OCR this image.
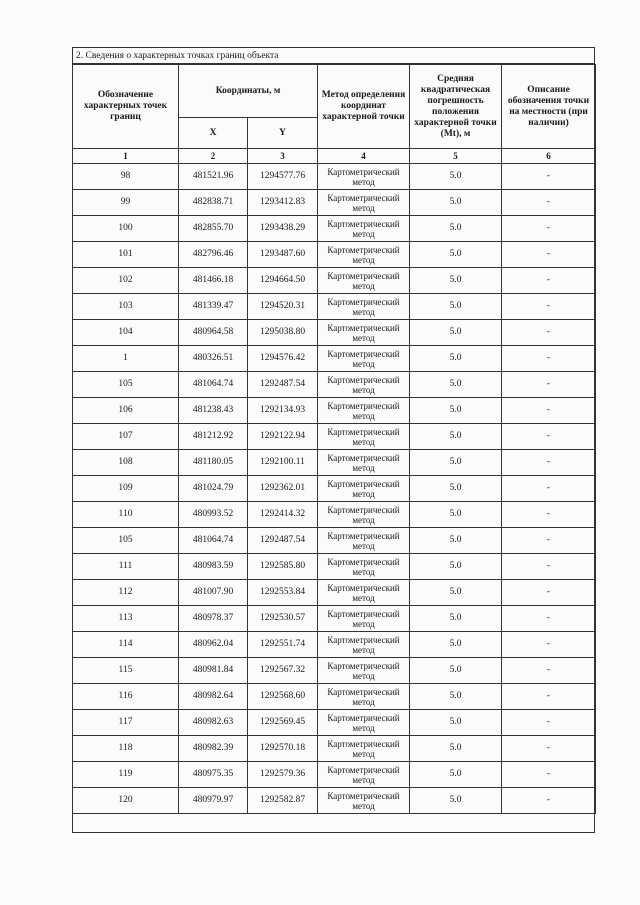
2. Сведения о характерных точках границ объекта
Обозначение характерных точек границ	Координаты, м		Метод определения координат характерной точки	Средняя квадратическая погрешность положения характерной точки (Mt), м	Описание обозначения точки на местности (при наличии)
	X	Y			
1	2	3	4	5	6
98	481521.96	1294577.76	Картометрический метод	5.0	-
99	482838.71	1293412.83	Картометрический метод	5.0	-
100	482855.70	1293438.29	Картометрический метод	5.0	-
101	482796.46	1293487.60	Картометрический метод	5.0	-
102	481466.18	1294664.50	Картометрический метод	5.0	-
103	481339.47	1294520.31	Картометрический метод	5.0	-
104	480964.58	1295038.80	Картометрический метод	5.0	-
1	480326.51	1294576.42	Картометрический метод	5.0	-
105	481064.74	1292487.54	Картометрический метод	5.0	-
106	481238.43	1292134.93	Картометрический метод	5.0	-
107	481212.92	1292122.94	Картометрический метод	5.0	-
108	481180.05	1292100.11	Картометрический метод	5.0	-
109	481024.79	1292362.01	Картометрический метод	5.0	-
110	480993.52	1292414.32	Картометрический метод	5.0	-
105	481064.74	1292487.54	Картометрический метод	5.0	-
111	480983.59	1292585.80	Картометрический метод	5.0	-
112	481007.90	1292553.84	Картометрический метод	5.0	-
113	480978.37	1292530.57	Картометрический метод	5.0	-
114	480962.04	1292551.74	Картометрический метод	5.0	-
115	480981.84	1292567.32	Картометрический метод	5.0	-
116	480982.64	1292568.60	Картометрический метод	5.0	-
117	480982.63	1292569.45	Картометрический метод	5.0	-
118	480982.39	1292570.18	Картометрический метод	5.0	-
119	480975.35	1292579.36	Картометрический метод	5.0	-
120	480979.97	1292582.87	Картометрический метод	5.0	-
